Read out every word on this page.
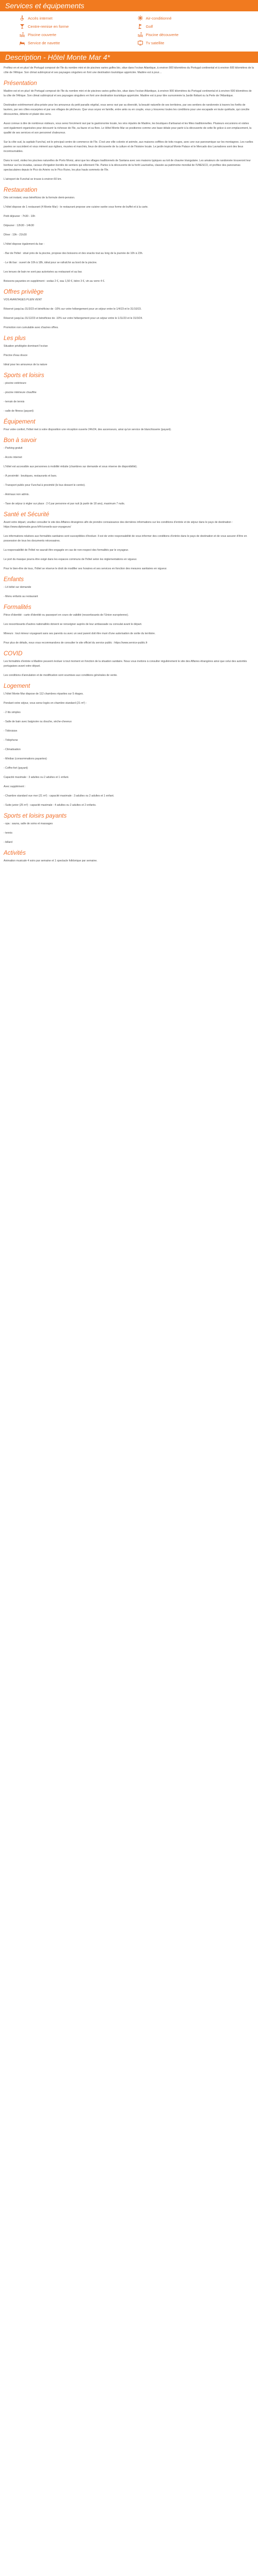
Services et équipements
Accès internet	Air-conditionné
Centre-remise en forme	Golf
Piscine couverte	Piscine découverte
Service de navette	Tv satellite
Description - Hôtel Monte Mar 4*

Profitez en et en plus! de Portugal composé de l'île du nombre mini et de piscines varies golfes bio, situe dans l'océan Atlantique, à environ 900 kilomètres du Portugal continental et à environ 600 kilomètres de la côte de l'Afrique. Son climat subtropical et ses paysages singuliers en font une destination touristique appréciée. Madère est à pour…

Présentation

Madère est et en plus! de Portugal composé de l'île du nombre mini et de piscines varies golfes bio, situe dans l'océan Atlantique, à environ 900 kilomètres du Portugal continental et à environ 600 kilomètres de la côte de l'Afrique. Son climat subtropical et ses paysages singuliers en font une destination touristique appréciée. Madère est à pour titre surnommée la Jardin flottant ou la Perle de l'Atlantique.

Destination extrêmement ultra-prisée pour les amoureux du petit paradis végétal, vous serez ravi par sa diversité, la beauté naturelle de ses territoires, par ses sentiers de randonnée à travers les forêts de lauriers, par ses côtes escarpées et par ses villages de pêcheurs. Que vous soyez en famille, entre amis ou en couple, vous y trouverez toutes les conditions pour une escapade en toute quiétude, qui concilie découvertes, détente et plaisir des sens.

Aussi connue à dire de nombreux visiteurs, vous serez forcément ravi par la gastronomie locale, les vins réputés de Madère, les boutiques d'artisanat et les fêtes traditionnelles. Plusieurs excursions et visites sont également organisées pour découvrir la richesse de l'île, sa faune et sa flore. Le Hôtel Monte Mar se positionne comme une base idéale pour partir à la découverte de cette île grâce à son emplacement, la qualité de ses services et son personnel chaleureux.

Sur la côte sud, la capitale Funchal, est le principal centre de commerce de l'île. C'est une ville colorée et animée, aux maisons coiffées de toits rouges, avec une vue panoramique sur les montagnes. Les ruelles pavées se succèdent et vous mènent aux églises, musées et marchés, lieux de découverte de la culture et de l'histoire locale. Le jardin tropical Monte Palace et le Mercado dos Lavradores sont des lieux incontournables.

Dans le nord, visitez les piscines naturelles de Porto Moniz, ainsi que les villages traditionnels de Santana avec ses maisons typiques au toit de chaume triangulaire. Les amateurs de randonnée trouveront leur bonheur sur les levadas, canaux d'irrigation bordés de sentiers qui sillonnent l'île. Partez à la découverte de la forêt Laurissilva, classée au patrimoine mondial de l'UNESCO, et profitez des panoramas spectaculaires depuis le Pico do Arieiro ou le Pico Ruivo, les plus hauts sommets de l'île.

L'aéroport de Funchal se trouve à environ 60 km.

Restauration

Dès cet instant, vous bénéficiez de la formule demi-pension.

L'hôtel dispose de 1 restaurant (4 Monte Mar) - le restaurant propose une cuisine variée sous forme de buffet et à la carte.

Petit déjeuner : 7h30 - 10h

Déjeuner : 12h30 - 14h30

Dîner : 19h - 21h30

L'hôtel dispose également du bar :

- Bar de l'hôtel : situé près de la piscine, propose des boissons et des snacks tout au long de la journée de 10h à 23h.

- Le tiki bar : ouvert de 10h à 18h, idéal pour se rafraîchir au bord de la piscine.

Les tenues de bain ne sont pas autorisées au restaurant et au bar.

Boissons payantes en supplément : sodas 2 €, eau 1,50 €, bière 3 €, vin au verre 4 €.

Offres privilège

VOS AVANTAGES PLEIN VENT

Réservé jusqu'au 31/3/23 et bénéficiez de -10% sur votre hébergement pour un séjour entre le 1/4/23 et le 31/10/23.

Réservé jusqu'au 31/12/23 et bénéficiez de -10% sur votre hébergement pour un séjour entre le 1/11/23 et le 31/3/24.

Promotion non cumulable avec d'autres offres.

Les plus

Situation privilégiée dominant l'océan

Piscine d'eau douce

Idéal pour les amoureux de la nature

Sports et loisirs

- piscine extérieure

- piscine intérieure chauffée

- terrain de tennis

- salle de fitness (payant)

Équipement

Pour votre confort, l'hôtel met à votre disposition une réception ouverte 24h/24, des ascenseurs, ainsi qu'un service de blanchisserie (payant).

Bon à savoir

- Parking gratuit

- Accès internet

L'hôtel est accessible aux personnes à mobilité réduite (chambres sur demande et sous réserve de disponibilité).

- À proximité : boutiques, restaurants et bars.

- Transport public pour Funchal à proximité (le bus dessert le centre).

- Animaux non admis.

- Taxe de séjour à régler sur place : 2 € par personne et par nuit (à partir de 18 ans), maximum 7 nuits.

Santé et Sécurité

Avant votre départ, veuillez consulter le site des Affaires étrangères afin de prendre connaissance des dernières informations sur les conditions d'entrée et de séjour dans le pays de destination : https://www.diplomatie.gouv.fr/fr/conseils-aux-voyageurs/

Les informations relatives aux formalités sanitaires sont susceptibles d'évoluer. Il est de votre responsabilité de vous informer des conditions d'entrée dans le pays de destination et de vous assurer d'être en possession de tous les documents nécessaires.

La responsabilité de l'hôtel ne saurait être engagée en cas de non-respect des formalités par le voyageur.

Le port du masque pourra être exigé dans les espaces communs de l'hôtel selon les réglementations en vigueur.

Pour le bien-être de tous, l'hôtel se réserve le droit de modifier ses horaires et ses services en fonction des mesures sanitaires en vigueur.

Enfants

- Lit bébé sur demande

- Menu enfants au restaurant

Formalités

Pièce d'identité : carte d'identité ou passeport en cours de validité (ressortissants de l'Union européenne).

Les ressortissants d'autres nationalités doivent se renseigner auprès de leur ambassade ou consulat avant le départ.

Mineurs : tout mineur voyageant sans ses parents ou avec un seul parent doit être muni d'une autorisation de sortie du territoire.

Pour plus de détails, nous vous recommandons de consulter le site officiel du service public : https://www.service-public.fr

COVID

Les formalités d'entrée à Madère peuvent évoluer à tout moment en fonction de la situation sanitaire. Nous vous invitons à consulter régulièrement le site des Affaires étrangères ainsi que celui des autorités portugaises avant votre départ.

Les conditions d'annulation et de modification sont soumises aux conditions générales de vente.

Logement

L'hôtel Monte Mar dispose de 112 chambres réparties sur 5 étages.

Pendant votre séjour, vous serez logés en chambre standard (21 m²) :

- 2 lits simples

- Salle de bain avec baignoire ou douche, sèche-cheveux

- Télévision

- Téléphone

- Climatisation

- Minibar (consommations payantes)

- Coffre-fort (payant)

Capacité maximale : 3 adultes ou 2 adultes et 1 enfant.

Avec supplément :

- Chambre standard vue mer (21 m²) : capacité maximale : 3 adultes ou 2 adultes et 1 enfant.

- Suite junior (25 m²) : capacité maximale : 4 adultes ou 2 adultes et 2 enfants.

Sports et loisirs payants

- spa : sauna, salle de soins et massages

- tennis

- billard

Activités

Animation musicale 4 soirs par semaine et 1 spectacle folklorique par semaine.
